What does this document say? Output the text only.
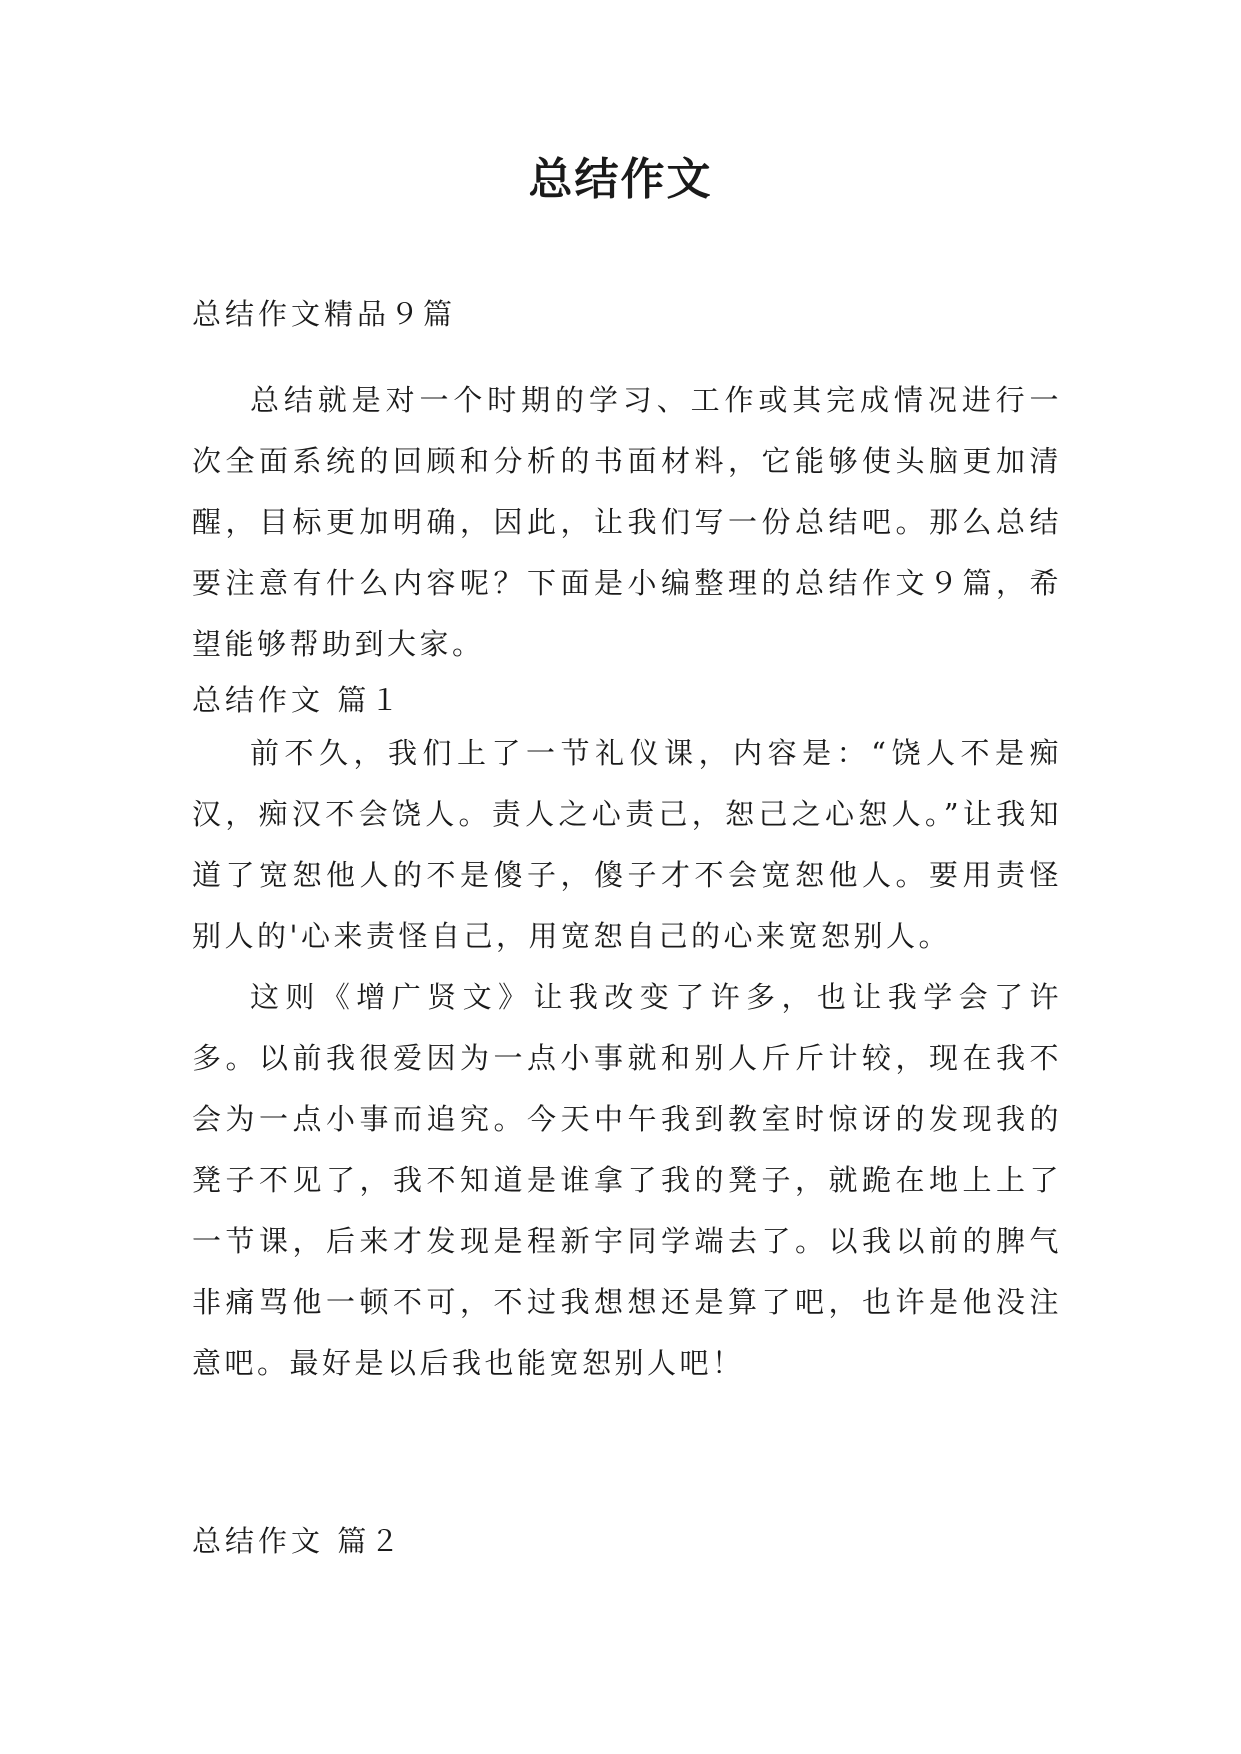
总结作文
总结作文精品９篇

总结就是对一个时期的学习、工作或其完成情况进行一次全面系统的回顾和分析的书面材料，它能够使头脑更加清醒，目标更加明确，因此，让我们写一份总结吧。那么总结要注意有什么内容呢？下面是小编整理的总结作文９篇，希望能够帮助到大家。

总结作文 篇１

前不久，我们上了一节礼仪课，内容是：“饶人不是痴汉，痴汉不会饶人。责人之心责己，恕己之心恕人。”让我知道了宽恕他人的不是傻子，傻子才不会宽恕他人。要用责怪别人的'心来责怪自己，用宽恕自己的心来宽恕别人。

这则《增广贤文》让我改变了许多，也让我学会了许多。以前我很爱因为一点小事就和别人斤斤计较，现在我不会为一点小事而追究。今天中午我到教室时惊讶的发现我的凳子不见了，我不知道是谁拿了我的凳子，就跪在地上上了一节课，后来才发现是程新宇同学端去了。以我以前的脾气非痛骂他一顿不可，不过我想想还是算了吧，也许是他没注意吧。最好是以后我也能宽恕别人吧！

总结作文 篇２
